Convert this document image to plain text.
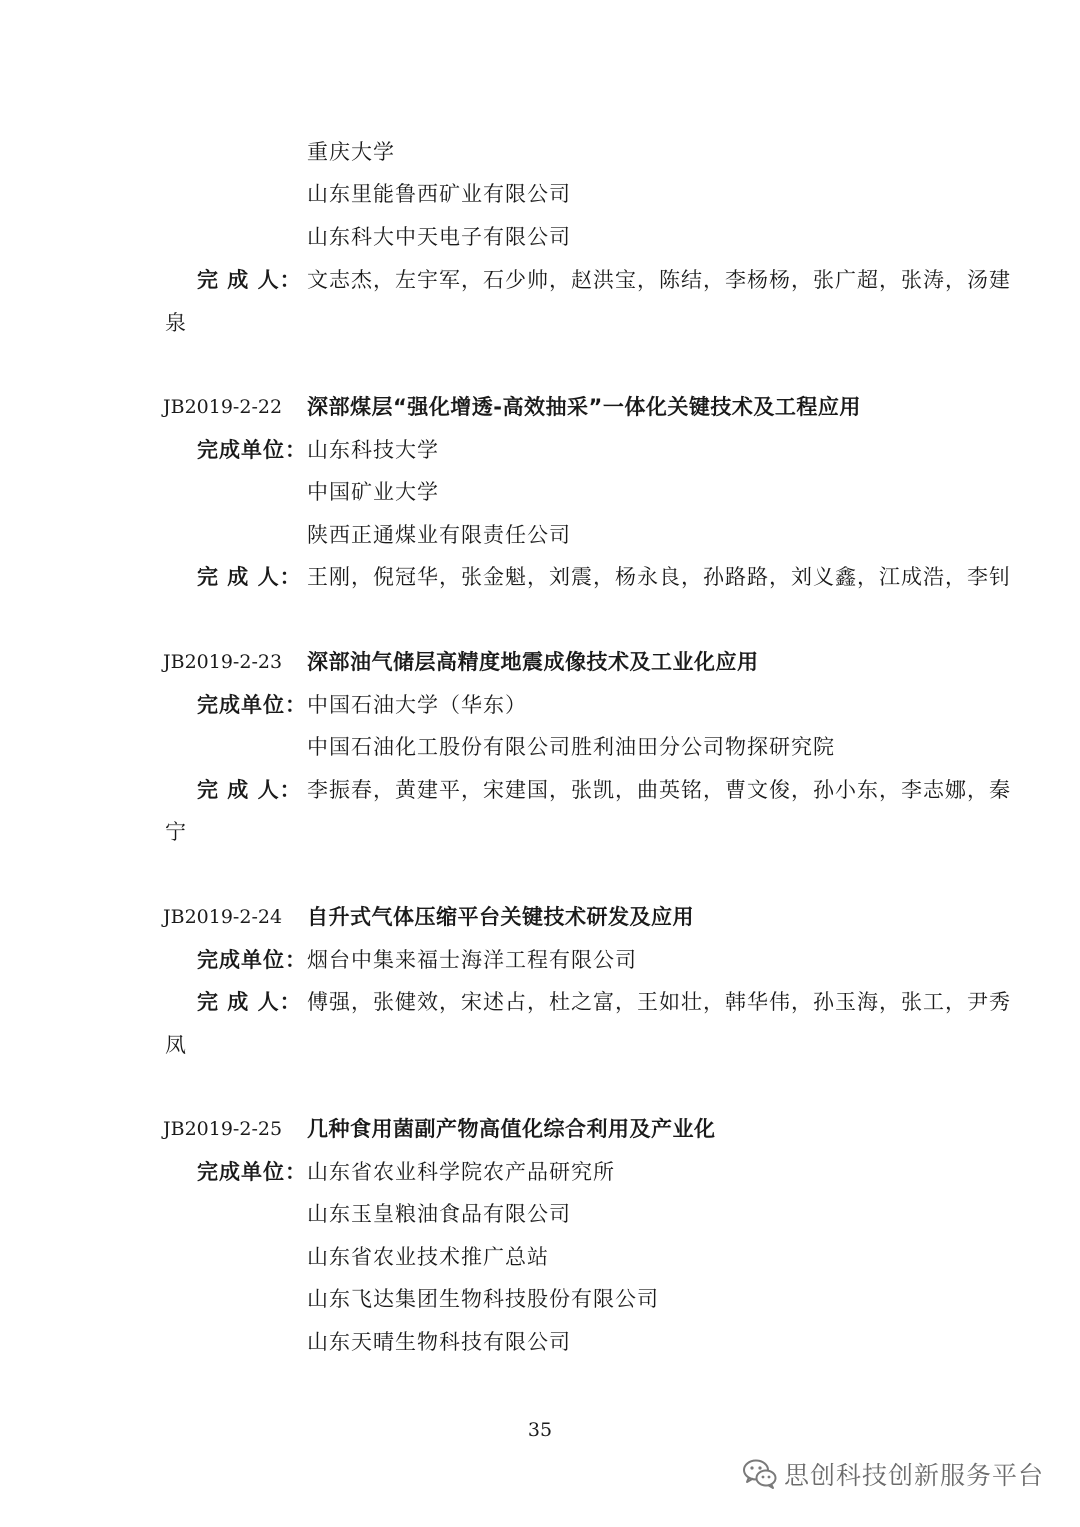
重庆大学
山东里能鲁西矿业有限公司
山东科大中天电子有限公司
完 成 人： 文志杰，左宇军，石少帅，赵洪宝，陈结，李杨杨，张广超，张涛，汤建
泉
JB2019-2-22 深部煤层“强化增透-高效抽采”一体化关键技术及工程应用
完成单位： 山东科技大学
中国矿业大学
陕西正通煤业有限责任公司
完 成 人： 王刚，倪冠华，张金魁，刘震，杨永良，孙路路，刘义鑫，江成浩，李钊
JB2019-2-23 深部油气储层高精度地震成像技术及工业化应用
完成单位： 中国石油大学（华东）
中国石油化工股份有限公司胜利油田分公司物探研究院
完 成 人： 李振春，黄建平，宋建国，张凯，曲英铭，曹文俊，孙小东，李志娜，秦
宁
JB2019-2-24 自升式气体压缩平台关键技术研发及应用
完成单位： 烟台中集来福士海洋工程有限公司
完 成 人： 傅强，张健效，宋述占，杜之富，王如壮，韩华伟，孙玉海，张工，尹秀
凤
JB2019-2-25 几种食用菌副产物高值化综合利用及产业化
完成单位： 山东省农业科学院农产品研究所
山东玉皇粮油食品有限公司
山东省农业技术推广总站
山东飞达集团生物科技股份有限公司
山东天晴生物科技有限公司
35
思创科技创新服务平台
